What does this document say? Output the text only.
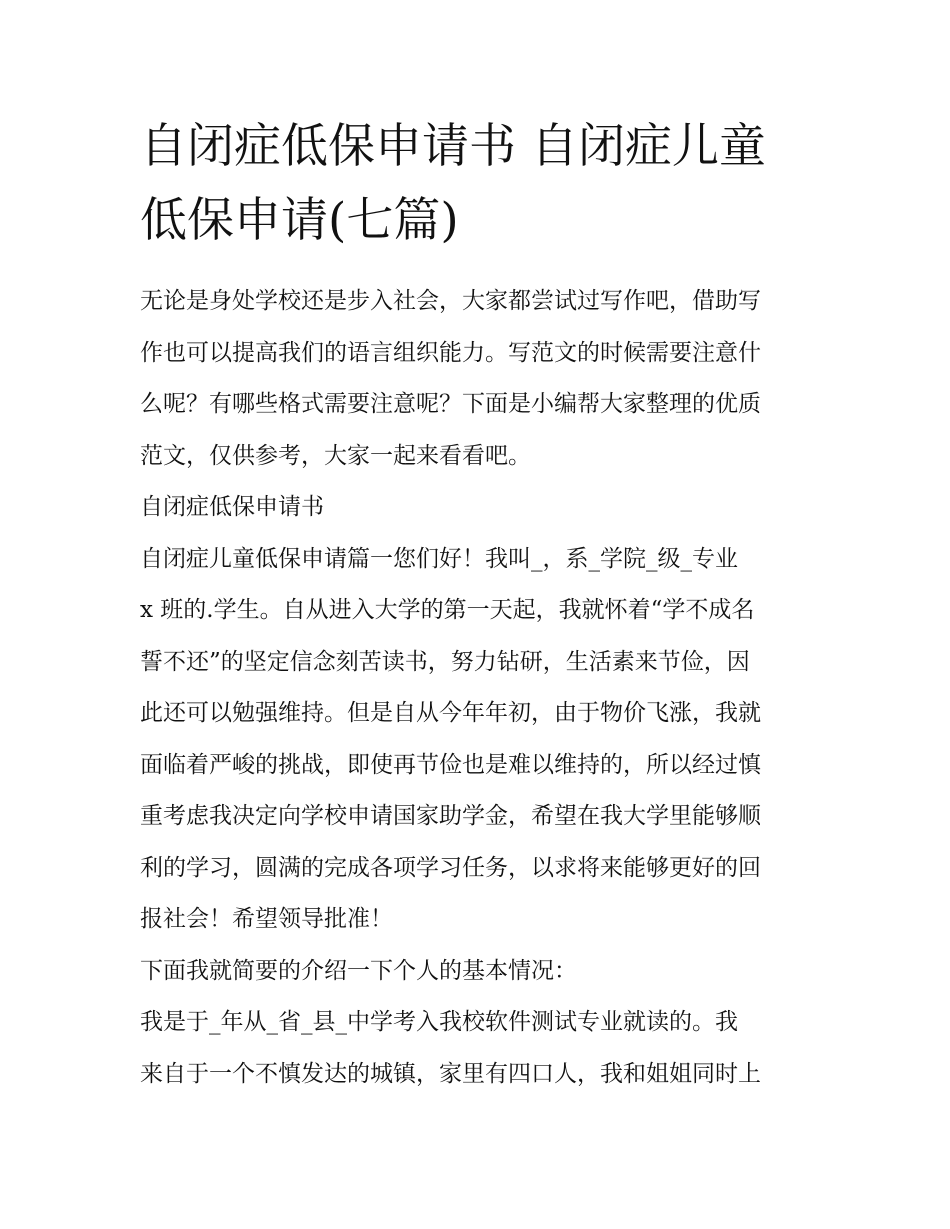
自闭症低保申请书 自闭症儿童
低保申请(七篇)
无论是身处学校还是步入社会，大家都尝试过写作吧，借助写
作也可以提高我们的语言组织能力。写范文的时候需要注意什
么呢？有哪些格式需要注意呢？下面是小编帮大家整理的优质
范文，仅供参考，大家一起来看看吧。
自闭症低保申请书
自闭症儿童低保申请篇一您们好！我叫_，系_学院_级_专业
x 班的.学生。自从进入大学的第一天起，我就怀着“学不成名
誓不还”的坚定信念刻苦读书，努力钻研，生活素来节俭，因
此还可以勉强维持。但是自从今年年初，由于物价飞涨，我就
面临着严峻的挑战，即使再节俭也是难以维持的，所以经过慎
重考虑我决定向学校申请国家助学金，希望在我大学里能够顺
利的学习，圆满的完成各项学习任务，以求将来能够更好的回
报社会！希望领导批准！
下面我就简要的介绍一下个人的基本情况：
我是于_年从_省_县_中学考入我校软件测试专业就读的。我
来自于一个不慎发达的城镇，家里有四口人，我和姐姐同时上
